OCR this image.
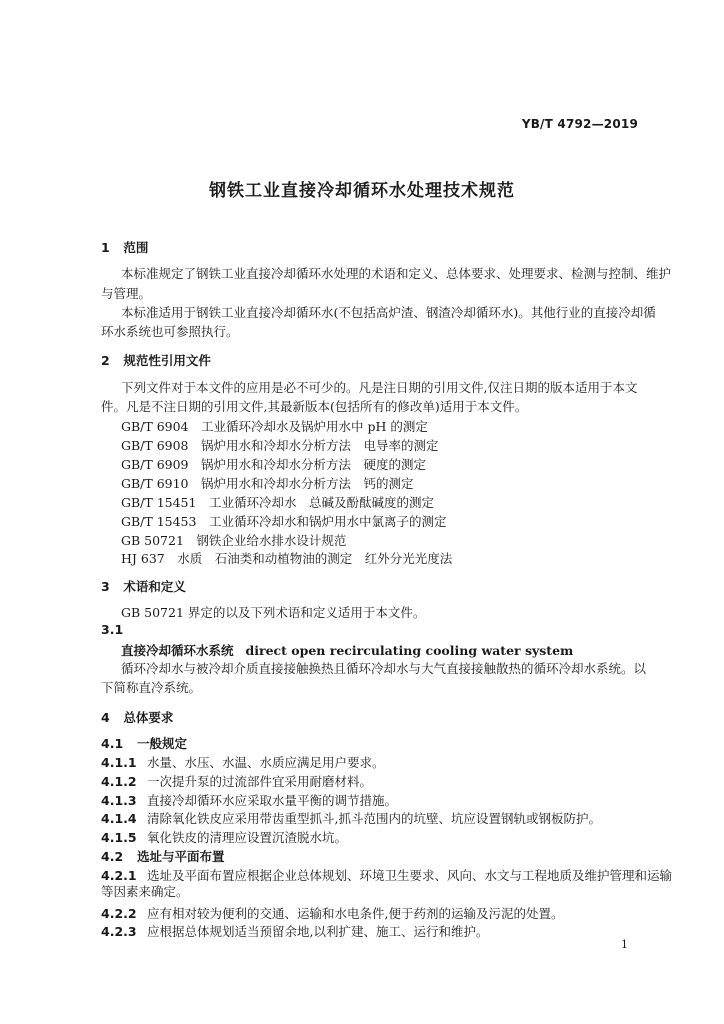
YB/T 4792—2019
钢铁工业直接冷却循环水处理技术规范
1 范围
本标准规定了钢铁工业直接冷却循环水处理的术语和定义、总体要求、处理要求、检测与控制、维护
与管理。
本标准适用于钢铁工业直接冷却循环水(不包括高炉渣、钢渣冷却循环水)。其他行业的直接冷却循
环水系统也可参照执行。
2 规范性引用文件
下列文件对于本文件的应用是必不可少的。凡是注日期的引用文件,仅注日期的版本适用于本文
件。凡是不注日期的引用文件,其最新版本(包括所有的修改单)适用于本文件。
GB/T 6904　工业循环冷却水及锅炉用水中 pH 的测定
GB/T 6908　锅炉用水和冷却水分析方法　电导率的测定
GB/T 6909　锅炉用水和冷却水分析方法　硬度的测定
GB/T 6910　锅炉用水和冷却水分析方法　钙的测定
GB/T 15451　工业循环冷却水　总碱及酚酞碱度的测定
GB/T 15453　工业循环冷却水和锅炉用水中氯离子的测定
GB 50721　钢铁企业给水排水设计规范
HJ 637　水质　石油类和动植物油的测定　红外分光光度法
3 术语和定义
GB 50721 界定的以及下列术语和定义适用于本文件。
3.1
直接冷却循环水系统 direct open recirculating cooling water system
循环冷却水与被冷却介质直接接触换热且循环冷却水与大气直接接触散热的循环冷却水系统。以
下简称直冷系统。
4 总体要求
4.1 一般规定
4.1.1 水量、水压、水温、水质应满足用户要求。
4.1.2 一次提升泵的过流部件宜采用耐磨材料。
4.1.3 直接冷却循环水应采取水量平衡的调节措施。
4.1.4 清除氧化铁皮应采用带齿重型抓斗,抓斗范围内的坑壁、坑应设置钢轨或钢板防护。
4.1.5 氧化铁皮的清理应设置沉渣脱水坑。
4.2 选址与平面布置
4.2.1 选址及平面布置应根据企业总体规划、环境卫生要求、风向、水文与工程地质及维护管理和运输
等因素来确定。
4.2.2 应有相对较为便利的交通、运输和水电条件,便于药剂的运输及污泥的处置。
4.2.3 应根据总体规划适当预留余地,以利扩建、施工、运行和维护。
1
